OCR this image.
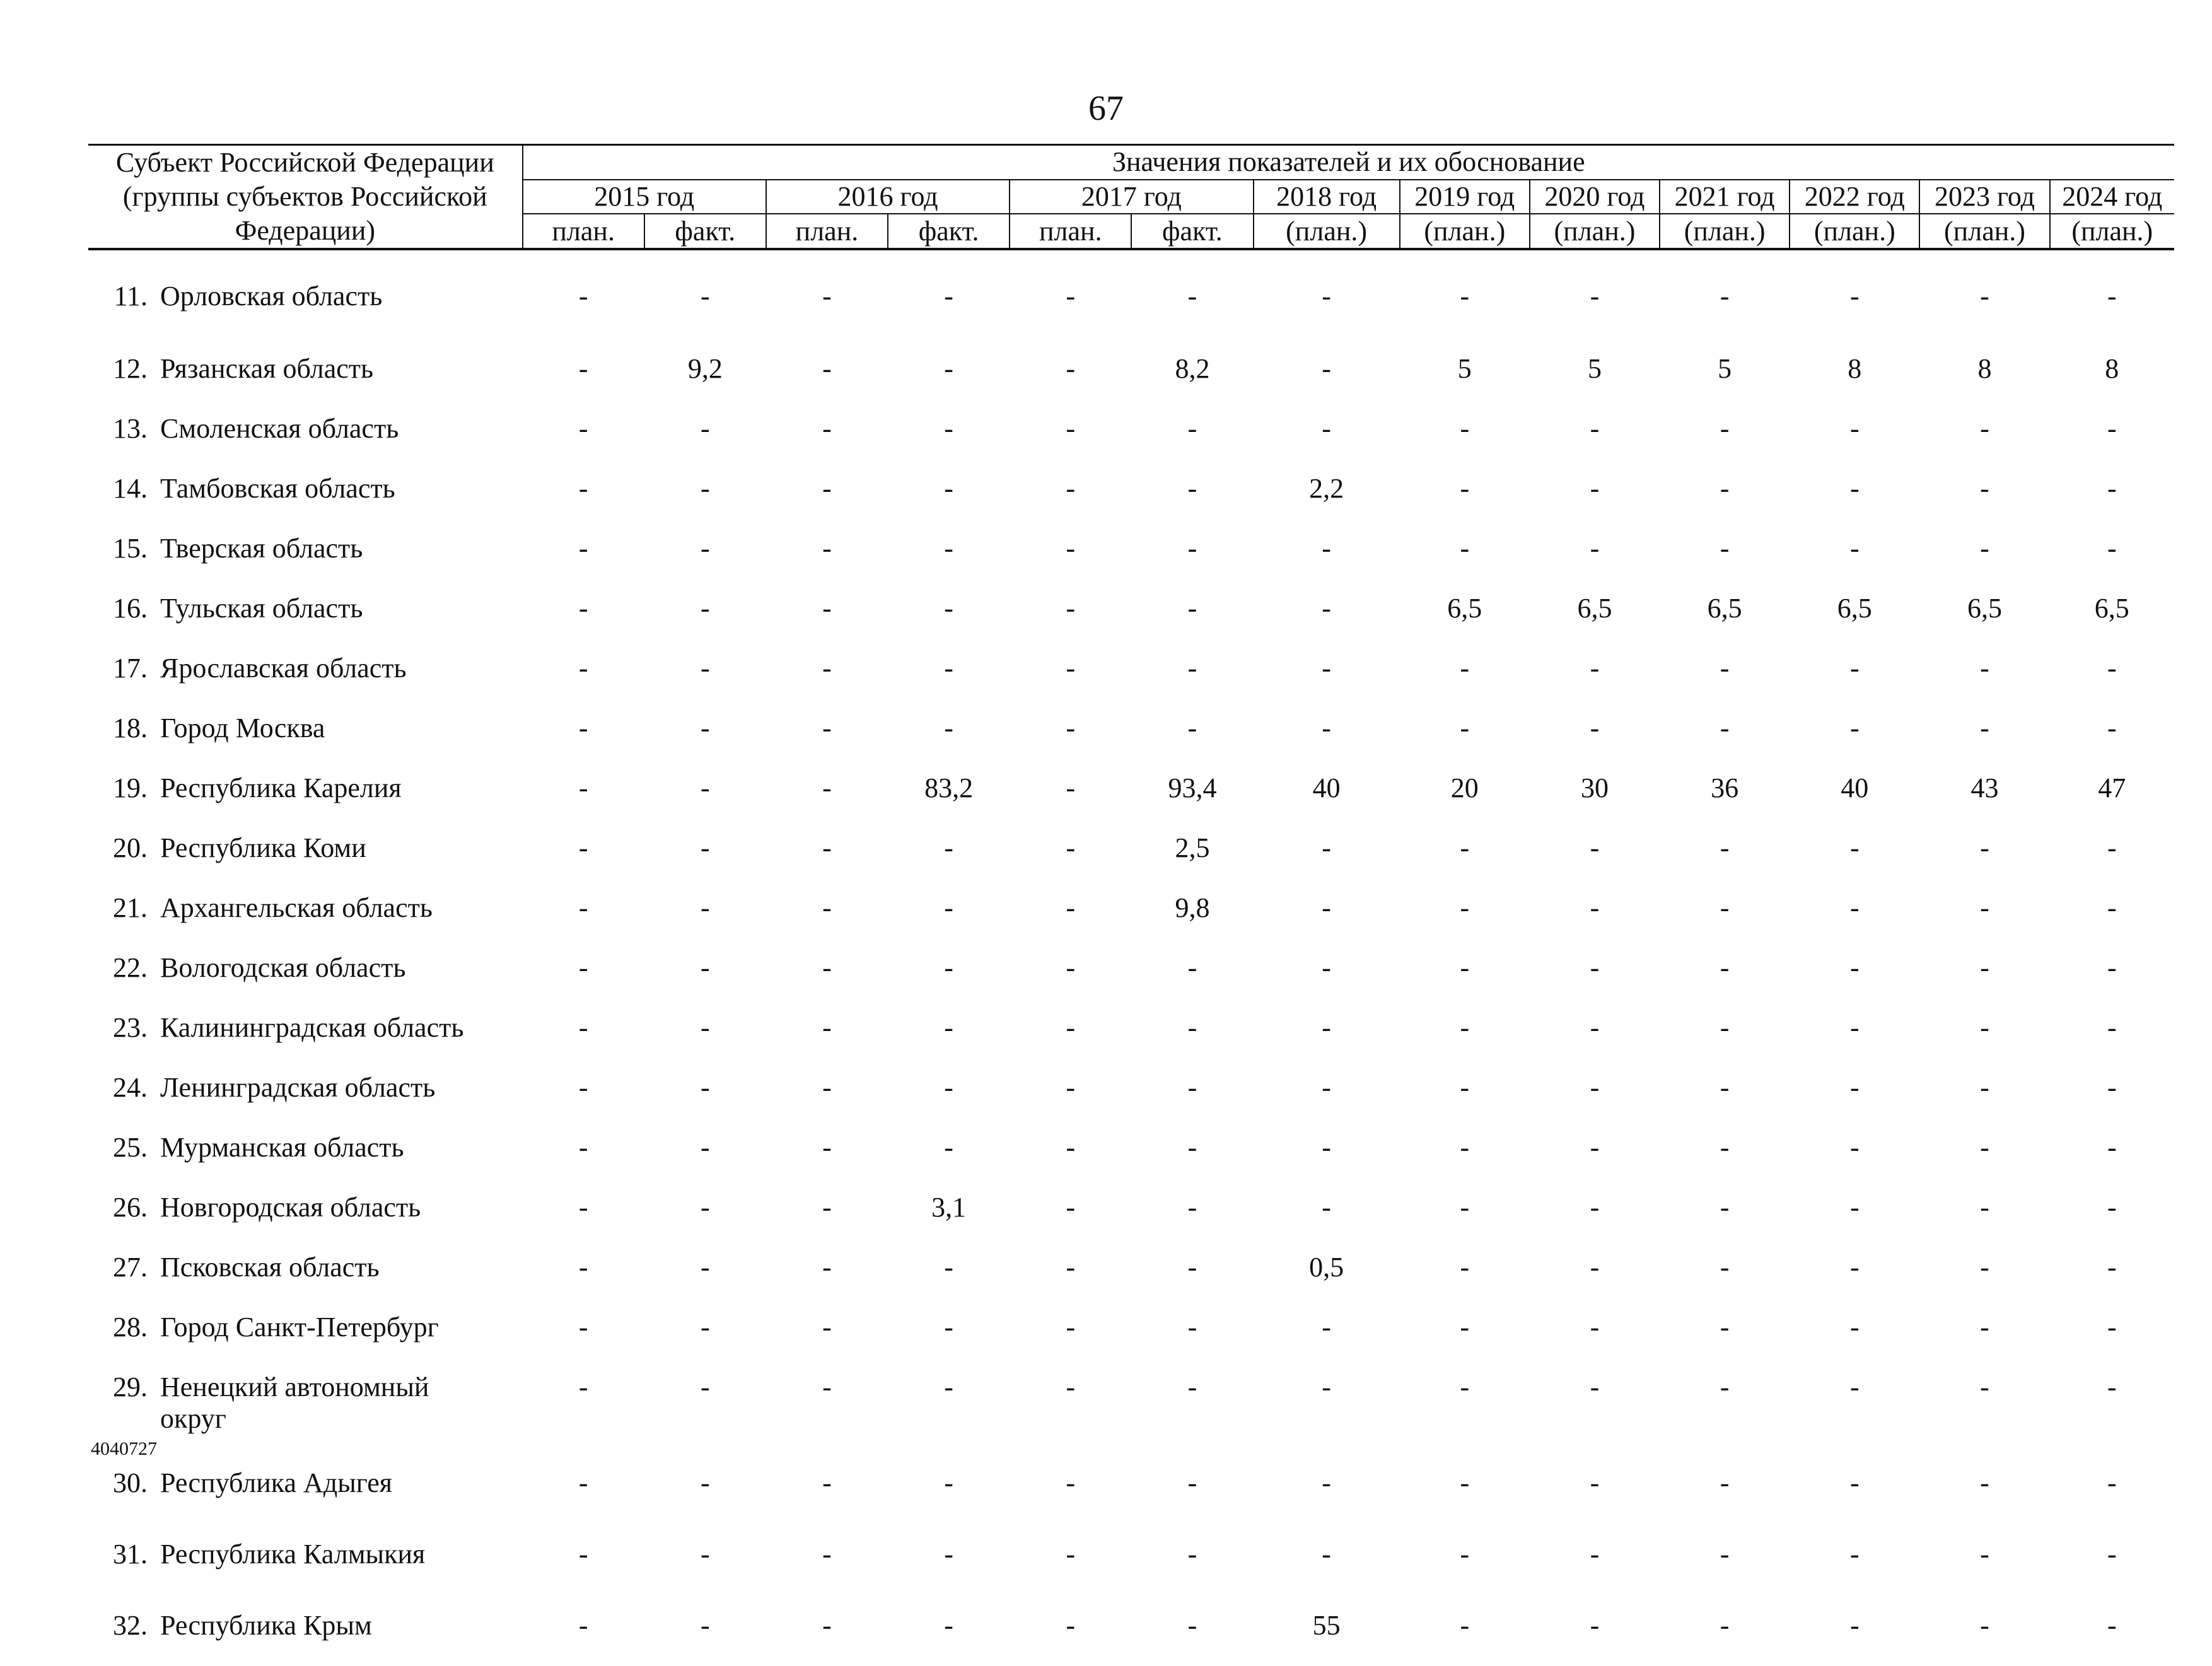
67
Субъект Российской Федерации (группы субъектов Российской Федерации)	Значения показателей и их обоснование												
	2015 год		2016 год		2017 год		2018 год	2019 год	2020 год	2021 год	2022 год	2023 год	2024 год
	план.	факт.	план.	факт.	план.	факт.	(план.)	(план.)	(план.)	(план.)	(план.)	(план.)	(план.)
11. Орловская область	-	-	-	-	-	-	-	-	-	-	-	-	-
12. Рязанская область	-	9,2	-	-	-	8,2	-	5	5	5	8	8	8
13. Смоленская область	-	-	-	-	-	-	-	-	-	-	-	-	-
14. Тамбовская область	-	-	-	-	-	-	2,2	-	-	-	-	-	-
15. Тверская область	-	-	-	-	-	-	-	-	-	-	-	-	-
16. Тульская область	-	-	-	-	-	-	-	6,5	6,5	6,5	6,5	6,5	6,5
17. Ярославская область	-	-	-	-	-	-	-	-	-	-	-	-	-
18. Город Москва	-	-	-	-	-	-	-	-	-	-	-	-	-
19. Республика Карелия	-	-	-	83,2	-	93,4	40	20	30	36	40	43	47
20. Республика Коми	-	-	-	-	-	2,5	-	-	-	-	-	-	-
21. Архангельская область	-	-	-	-	-	9,8	-	-	-	-	-	-	-
22. Вологодская область	-	-	-	-	-	-	-	-	-	-	-	-	-
23. Калининградская область	-	-	-	-	-	-	-	-	-	-	-	-	-
24. Ленинградская область	-	-	-	-	-	-	-	-	-	-	-	-	-
25. Мурманская область	-	-	-	-	-	-	-	-	-	-	-	-	-
26. Новгородская область	-	-	-	3,1	-	-	-	-	-	-	-	-	-
27. Псковская область	-	-	-	-	-	-	0,5	-	-	-	-	-	-
28. Город Санкт-Петербург	-	-	-	-	-	-	-	-	-	-	-	-	-
29. Ненецкий автономный округ	-	-	-	-	-	-	-	-	-	-	-	-	-
30. Республика Адыгея	-	-	-	-	-	-	-	-	-	-	-	-	-
31. Республика Калмыкия	-	-	-	-	-	-	-	-	-	-	-	-	-
32. Республика Крым	-	-	-	-	-	-	55	-	-	-	-	-	-
4040727
